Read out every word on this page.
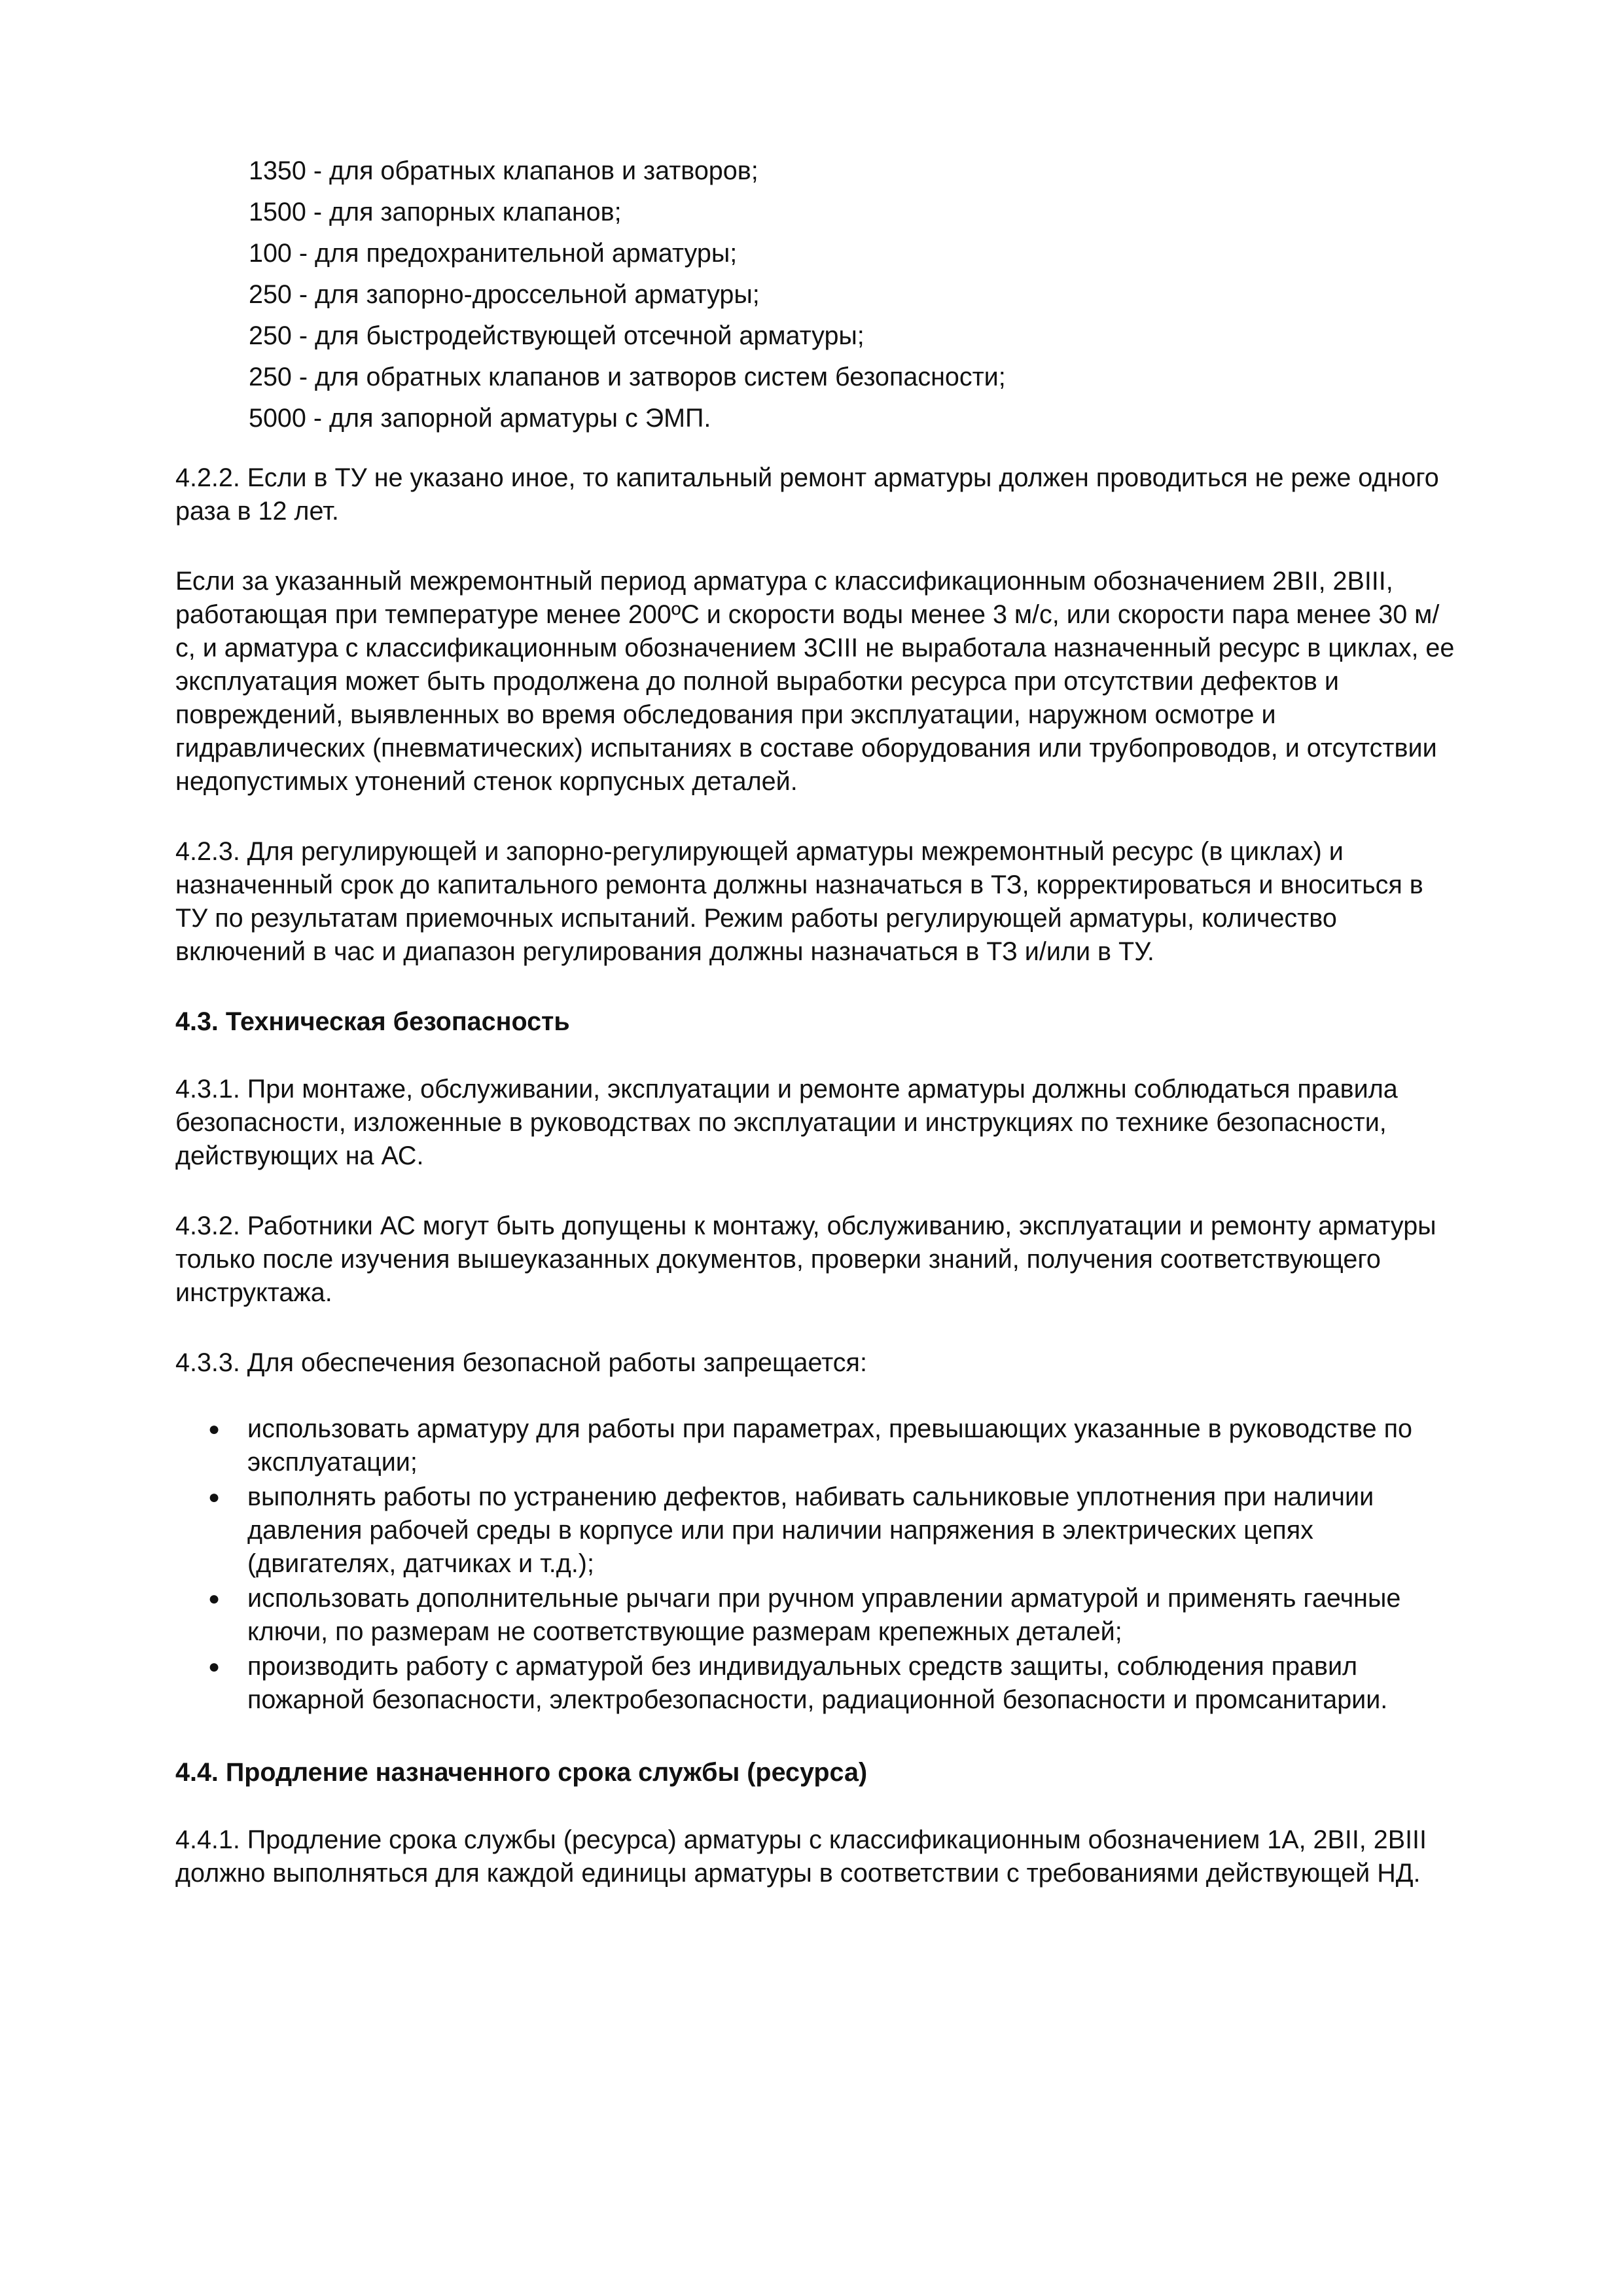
1350 - для обратных клапанов и затворов;
1500 - для запорных клапанов;
100 - для предохранительной арматуры;
250 - для запорно-дроссельной арматуры;
250 - для быстродействующей отсечной арматуры;
250 - для обратных клапанов и затворов систем безопасности;
5000 - для запорной арматуры с ЭМП.

4.2.2. Если в ТУ не указано иное, то капитальный ремонт арматуры должен проводиться не реже одного раза в 12 лет.

Если за указанный межремонтный период арматура с классификационным обозначением 2ВII, 2ВIII, работающая при температуре менее 200ºС и скорости воды менее 3 м/с, или скорости пара менее 30 м/с, и арматура с классификационным обозначением 3СIII не выработала назначенный ресурс в циклах, ее эксплуатация может быть продолжена до полной выработки ресурса при отсутствии дефектов и повреждений, выявленных во время обследования при эксплуатации, наружном осмотре и гидравлических (пневматических) испытаниях в составе оборудования или трубопроводов, и отсутствии недопустимых утонений стенок корпусных деталей.

4.2.3. Для регулирующей и запорно-регулирующей арматуры межремонтный ресурс (в циклах) и назначенный срок до капитального ремонта должны назначаться в ТЗ, корректироваться и вноситься в ТУ по результатам приемочных испытаний. Режим работы регулирующей арматуры, количество включений в час и диапазон регулирования должны назначаться в ТЗ и/или в ТУ.

4.3. Техническая безопасность

4.3.1. При монтаже, обслуживании, эксплуатации и ремонте арматуры должны соблюдаться правила безопасности, изложенные в руководствах по эксплуатации и инструкциях по технике безопасности, действующих на АС.

4.3.2. Работники АС могут быть допущены к монтажу, обслуживанию, эксплуатации и ремонту арматуры только после изучения вышеуказанных документов, проверки знаний, получения соответствующего инструктажа.

4.3.3. Для обеспечения безопасной работы запрещается:

● использовать арматуру для работы при параметрах, превышающих указанные в руководстве по эксплуатации;
● выполнять работы по устранению дефектов, набивать сальниковые уплотнения при наличии давления рабочей среды в корпусе или при наличии напряжения в электрических цепях (двигателях, датчиках и т.д.);
● использовать дополнительные рычаги при ручном управлении арматурой и применять гаечные ключи, по размерам не соответствующие размерам крепежных деталей;
● производить работу с арматурой без индивидуальных средств защиты, соблюдения правил пожарной безопасности, электробезопасности, радиационной безопасности и промсанитарии.
4.4. Продление назначенного срока службы (ресурса)

4.4.1. Продление срока службы (ресурса) арматуры с классификационным обозначением 1А, 2ВII, 2ВIII должно выполняться для каждой единицы арматуры в соответствии с требованиями действующей НД.
